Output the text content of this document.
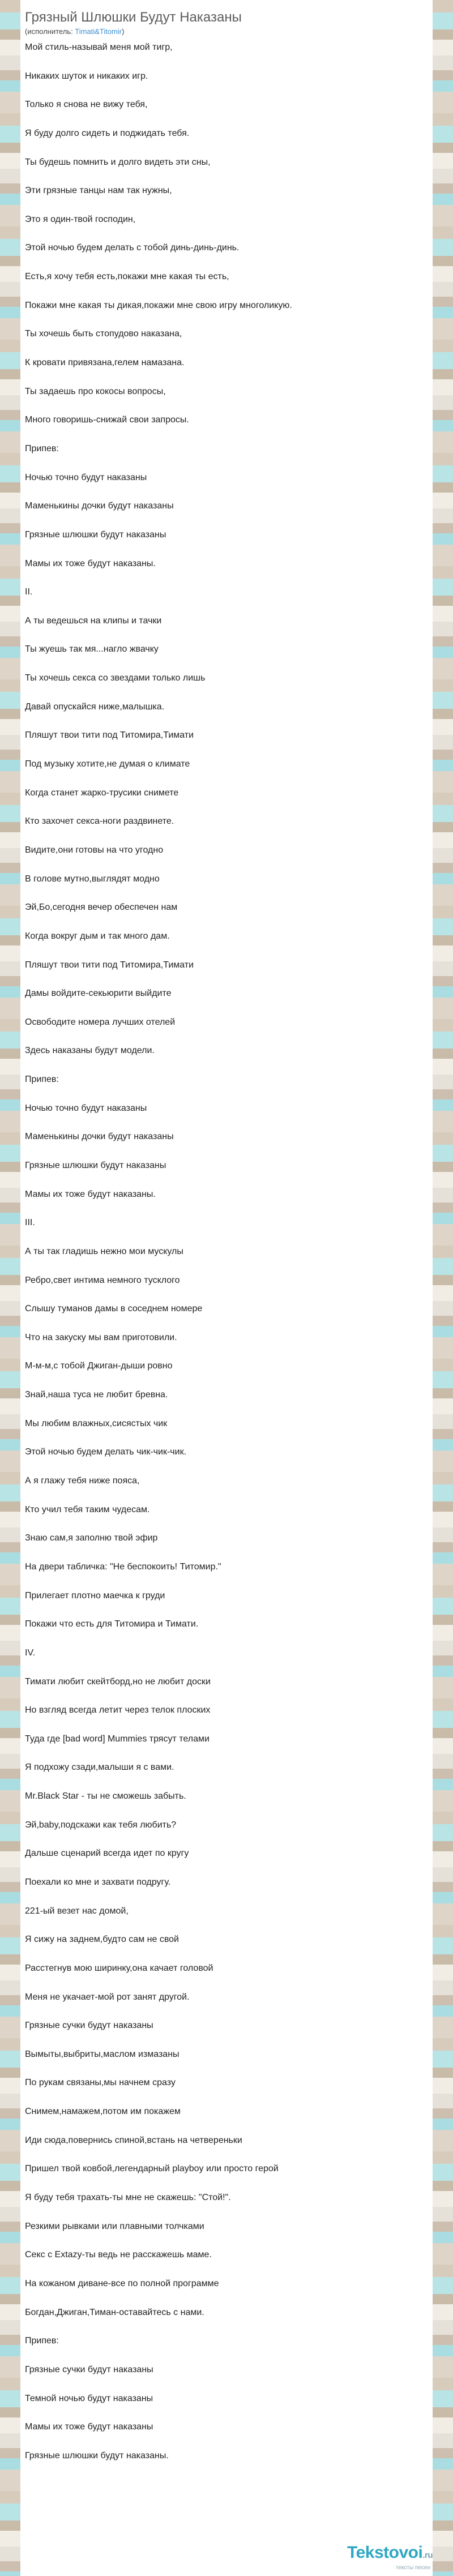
Грязный Шлюшки Будут Наказаны
(исполнитель: Timati&Titomir)
Мой стиль-называй меня мой тигр,
Никаких шуток и никаких игр.
Только я снова не вижу тебя,
Я буду долго сидеть и поджидать тебя.
Ты будешь помнить и долго видеть эти сны,
Эти грязные танцы нам так нужны,
Это я один-твой господин,
Этой ночью будем делать с тобой динь-динь-динь.
Есть,я хочу тебя есть,покажи мне какая ты есть,
Покажи мне какая ты дикая,покажи мне свою игру многоликую.
Ты хочешь быть стопудово наказана,
К кровати привязана,гелем намазана.
Ты задаешь про кокосы вопросы,
Много говоришь-снижай свои запросы.
Припев:
Ночью точно будут наказаны
Маменькины дочки будут наказаны
Грязные шлюшки будут наказаны
Мамы их тоже будут наказаны.
II.
А ты ведешься на клипы и тачки
Ты жуешь так мя...нагло жвачку
Ты хочешь секса со звездами только лишь
Давай опускайся ниже,малышка.
Пляшут твои тити под Титомира,Тимати
Под музыку хотите,не думая о климате
Когда станет жарко-трусики снимете
Кто захочет секса-ноги раздвинете.
Видите,они готовы на что угодно
В голове мутно,выглядят модно
Эй,Бо,сегодня вечер обеспечен нам
Когда вокруг дым и так много дам.
Пляшут твои тити под Титомира,Тимати
Дамы войдите-секьюрити выйдите
Освободите номера лучших отелей
Здесь наказаны будут модели.
Припев:
Ночью точно будут наказаны
Маменькины дочки будут наказаны
Грязные шлюшки будут наказаны
Мамы их тоже будут наказаны.
III.
А ты так гладишь нежно мои мускулы
Ребро,свет интима немного тусклого
Слышу туманов дамы в соседнем номере
Что на закуску мы вам приготовили.
М-м-м,с тобой Джиган-дыши ровно
Знай,наша туса не любит бревна.
Мы любим влажных,сисястых чик
Этой ночью будем делать чик-чик-чик.
А я глажу тебя ниже пояса,
Кто учил тебя таким чудесам.
Знаю сам,я заполню твой эфир
На двери табличка: "Не беспокоить! Титомир."
Прилегает плотно маечка к груди
Покажи что есть для Титомира и Тимати.
IV.
Тимати любит скейтборд,но не любит доски
Но взгляд всегда летит через телок плоских
Туда где [bad word] Mummies трясут телами
Я подхожу сзади,малыши я с вами.
Mr.Black Star - ты не сможешь забыть.
Эй,baby,подскажи как тебя любить?
Дальше сценарий всегда идет по кругу
Поехали ко мне и захвати подругу.
221-ый везет нас домой,
Я сижу на заднем,будто сам не свой
Расстегнув мою ширинку,она качает головой
Меня не укачает-мой рот занят другой.
Грязные сучки будут наказаны
Вымыты,выбриты,маслом измазаны
По рукам связаны,мы начнем сразу
Снимем,намажем,потом им покажем
Иди сюда,повернись спиной,встань на четвереньки
Пришел твой ковбой,легендарный playboy или просто герой
Я буду тебя трахать-ты мне не скажешь: "Стой!".
Резкими рывками или плавными толчками
Секс с Extazy-ты ведь не расскажешь маме.
На кожаном диване-все по полной программе
Богдан,Джиган,Тиман-оставайтесь с нами.
Припев:
Грязные сучки будут наказаны
Темной ночью будут наказаны
Мамы их тоже будут наказаны
Грязные шлюшки будут наказаны.
Tekstovoi.ru
тексты песен
